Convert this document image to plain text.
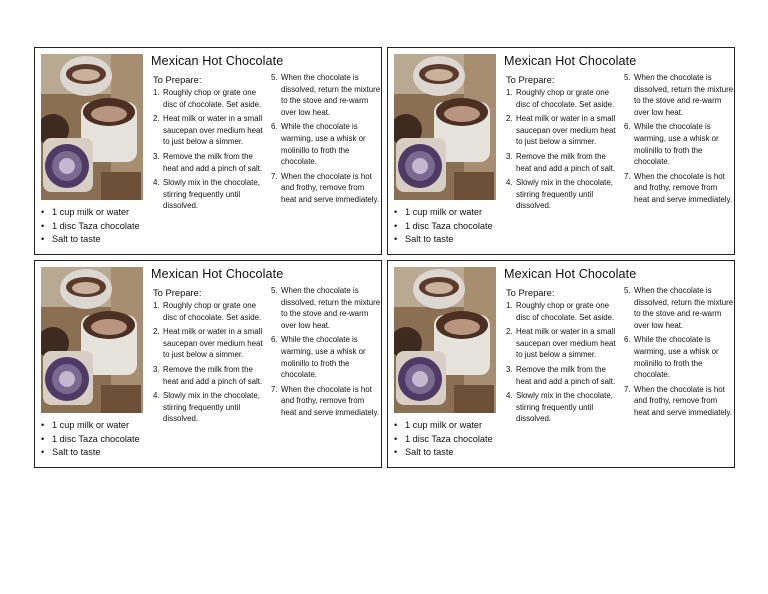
• 1 cup milk or water
• 1 disc Taza chocolate
• Salt to taste
Mexican Hot Chocolate
To Prepare:
1. Roughly chop or grate one disc of chocolate. Set aside.
2. Heat milk or water in a small saucepan over medium heat to just below a simmer.
3. Remove the milk from the heat and add a pinch of salt.
4. Slowly mix in the chocolate, stirring frequently until dissolved.
5. When the chocolate is dissolved, return the mixture to the stove and re-warm over low heat.
6. While the chocolate is warming, use a whisk or molinillo to froth the chocolate.
7. When the chocolate is hot and frothy, remove from heat and serve immediately.
• 1 cup milk or water
• 1 disc Taza chocolate
• Salt to taste
Mexican Hot Chocolate
To Prepare:
1. Roughly chop or grate one disc of chocolate. Set aside.
2. Heat milk or water in a small saucepan over medium heat to just below a simmer.
3. Remove the milk from the heat and add a pinch of salt.
4. Slowly mix in the chocolate, stirring frequently until dissolved.
5. When the chocolate is dissolved, return the mixture to the stove and re-warm over low heat.
6. While the chocolate is warming, use a whisk or molinillo to froth the chocolate.
7. When the chocolate is hot and frothy, remove from heat and serve immediately.
• 1 cup milk or water
• 1 disc Taza chocolate
• Salt to taste
Mexican Hot Chocolate
To Prepare:
1. Roughly chop or grate one disc of chocolate. Set aside.
2. Heat milk or water in a small saucepan over medium heat to just below a simmer.
3. Remove the milk from the heat and add a pinch of salt.
4. Slowly mix in the chocolate, stirring frequently until dissolved.
5. When the chocolate is dissolved, return the mixture to the stove and re-warm over low heat.
6. While the chocolate is warming, use a whisk or molinillo to froth the chocolate.
7. When the chocolate is hot and frothy, remove from heat and serve immediately.
• 1 cup milk or water
• 1 disc Taza chocolate
• Salt to taste
Mexican Hot Chocolate
To Prepare:
1. Roughly chop or grate one disc of chocolate. Set aside.
2. Heat milk or water in a small saucepan over medium heat to just below a simmer.
3. Remove the milk from the heat and add a pinch of salt.
4. Slowly mix in the chocolate, stirring frequently until dissolved.
5. When the chocolate is dissolved, return the mixture to the stove and re-warm over low heat.
6. While the chocolate is warming, use a whisk or molinillo to froth the chocolate.
7. When the chocolate is hot and frothy, remove from heat and serve immediately.
